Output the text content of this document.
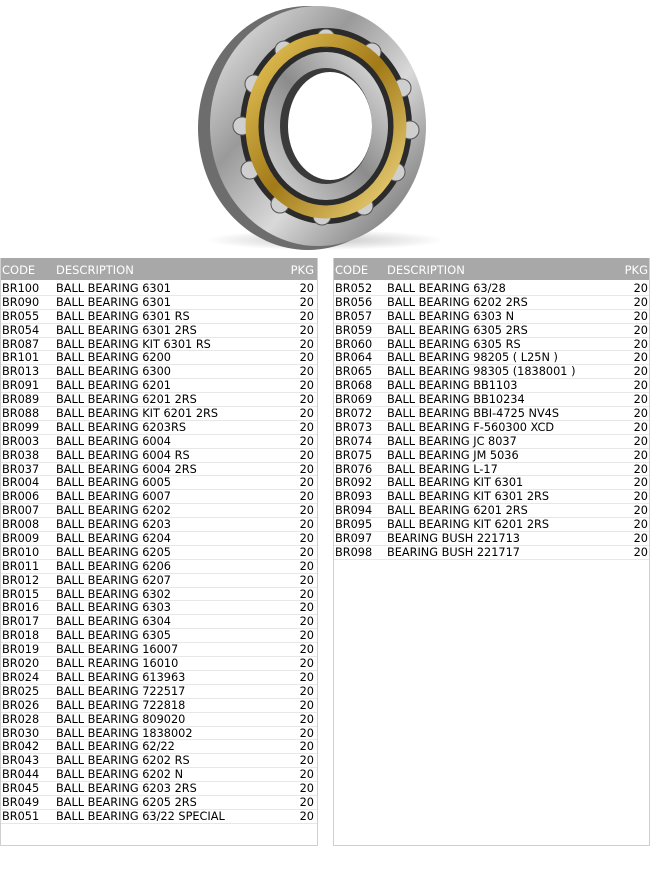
CODE DESCRIPTION	PKG
BR100 BALL BEARING 6301	20
BR090 BALL BEARING 6301	20
BR055 BALL BEARING 6301 RS	20
BR054 BALL BEARING 6301 2RS	20
BR087 BALL BEARING KIT 6301 RS	20
BR101 BALL BEARING 6200	20
BR013 BALL BEARING 6300	20
BR091 BALL BEARING 6201	20
BR089 BALL BEARING 6201 2RS	20
BR088 BALL BEARING KIT 6201 2RS	20
BR099 BALL BEARING 6203RS	20
BR003 BALL BEARING 6004	20
BR038 BALL BEARING 6004 RS	20
BR037 BALL BEARING 6004 2RS	20
BR004 BALL BEARING 6005	20
BR006 BALL BEARING 6007	20
BR007 BALL BEARING 6202	20
BR008 BALL BEARING 6203	20
BR009 BALL BEARING 6204	20
BR010 BALL BEARING 6205	20
BR011 BALL BEARING 6206	20
BR012 BALL BEARING 6207	20
BR015 BALL BEARING 6302	20
BR016 BALL BEARING 6303	20
BR017 BALL BEARING 6304	20
BR018 BALL BEARING 6305	20
BR019 BALL BEARING 16007	20
BR020 BALL REARING 16010	20
BR024 BALL BEARING 613963	20
BR025 BALL BEARING 722517	20
BR026 BALL BEARING 722818	20
BR028 BALL BEARING 809020	20
BR030 BALL BEARING 1838002	20
BR042 BALL BEARING 62/22	20
BR043 BALL BEARING 6202 RS	20
BR044 BALL BEARING 6202 N	20
BR045 BALL BEARING 6203 2RS	20
BR049 BALL BEARING 6205 2RS	20
BR051 BALL BEARING 63/22 SPECIAL	20
CODE DESCRIPTION	PKG
BR052 BALL BEARING 63/28	20
BR056 BALL BEARING 6202 2RS	20
BR057 BALL BEARING 6303 N	20
BR059 BALL BEARING 6305 2RS	20
BR060 BALL BEARING 6305 RS	20
BR064 BALL BEARING 98205 ( L25N )	20
BR065 BALL BEARING 98305 (1838001 )	20
BR068 BALL BEARING BB1103	20
BR069 BALL BEARING BB10234	20
BR072 BALL BEARING BBI-4725 NV4S	20
BR073 BALL BEARING F-560300 XCD	20
BR074 BALL BEARING JC 8037	20
BR075 BALL BEARING JM 5036	20
BR076 BALL BEARING L-17	20
BR092 BALL BEARING KIT 6301	20
BR093 BALL BEARING KIT 6301 2RS	20
BR094 BALL BEARING 6201 2RS	20
BR095 BALL BEARING KIT 6201 2RS	20
BR097 BEARING BUSH 221713	20
BR098 BEARING BUSH 221717	20
